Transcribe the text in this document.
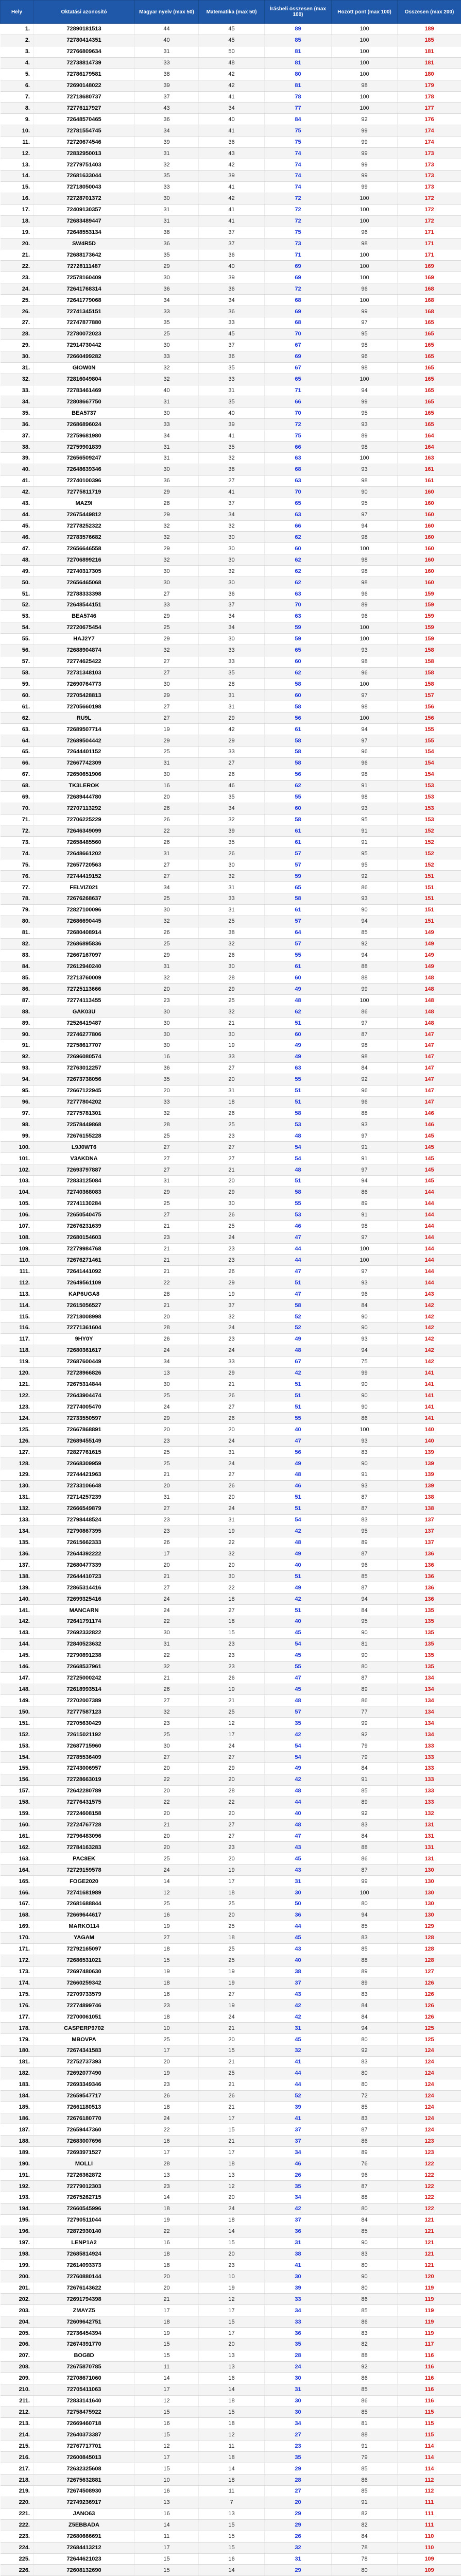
Hely	Oktatási azonosító	Magyar nyelv (max 50)	Matematika (max 50)	Írásbeli összesen (max 100)	Hozott pont (max 100)	Összesen (max 200)
1.	72890181513	44	45	89	100	189
2.	72780414351	40	45	85	100	185
3.	72766809634	31	50	81	100	181
4.	72738814739	33	48	81	100	181
5.	72786179581	38	42	80	100	180
6.	72690148022	39	42	81	98	179
7.	72718680737	37	41	78	100	178
8.	72776117927	43	34	77	100	177
9.	72648570465	36	40	84	92	176
10.	72781554745	34	41	75	99	174
11.	72720674546	39	36	75	99	174
12.	72832950013	31	43	74	99	173
13.	72779751403	32	42	74	99	173
14.	72681633044	35	39	74	99	173
15.	72718050043	33	41	74	99	173
16.	72728701372	30	42	72	100	172
17.	72409130357	31	41	72	100	172
18.	72683489447	31	41	72	100	172
19.	72648553134	38	37	75	96	171
20.	SW4R5D	36	37	73	98	171
21.	72688173642	35	36	71	100	171
22.	72728111487	29	40	69	100	169
23.	72578160409	30	39	69	100	169
24.	72641768314	36	36	72	96	168
25.	72641779068	34	34	68	100	168
26.	72741345151	33	36	69	99	168
27.	72747877880	35	33	68	97	165
28.	72780072023	25	45	70	95	165
29.	72914730442	30	37	67	98	165
30.	72660499282	33	36	69	96	165
31.	GIOW0N	32	35	67	98	165
32.	72816049804	32	33	65	100	165
33.	72783461469	40	31	71	94	165
34.	72808667750	31	35	66	99	165
35.	BEA5737	30	40	70	95	165
36.	72686896024	33	39	72	93	165
37.	72759681980	34	41	75	89	164
38.	72759901839	31	35	66	98	164
39.	72656509247	31	32	63	100	163
40.	72648639346	30	38	68	93	161
41.	72740100396	36	27	63	98	161
42.	72775811719	29	41	70	90	160
43.	MAZ9I	28	37	65	95	160
44.	72675449812	29	34	63	97	160
45.	72778252322	32	32	66	94	160
46.	72783576682	32	30	62	98	160
47.	72656646558	29	30	60	100	160
48.	72706899216	32	30	62	98	160
49.	72740317305	30	32	62	98	160
50.	72656465068	30	30	62	98	160
51.	72788333398	27	36	63	96	159
52.	72648544151	33	37	70	89	159
53.	BEA5746	29	34	63	96	159
54.	72720675454	25	34	59	100	159
55.	HAJ2Y7	29	30	59	100	159
56.	72688904874	32	33	65	93	158
57.	72774625422	27	33	60	98	158
58.	72731348103	27	35	62	96	158
59.	72690764773	30	28	58	100	158
60.	72705428813	29	31	60	97	157
61.	72705660198	27	31	58	98	156
62.	RU9L	27	29	56	100	156
63.	72689507714	19	42	61	94	155
64.	72689504442	29	29	58	97	155
65.	72644401152	25	33	58	96	154
66.	72667742309	31	27	58	96	154
67.	72650651906	30	26	56	98	154
68.	TK3LEROK	16	46	62	91	153
69.	72689444780	20	35	55	98	153
70.	72707113292	26	34	60	93	153
71.	72706225229	26	32	58	95	153
72.	72646349099	22	39	61	91	152
73.	72658485560	26	35	61	91	152
74.	72648661202	31	26	57	95	152
75.	72657720563	27	30	57	95	152
76.	72744419152	27	32	59	92	151
77.	FELVIZ021	34	31	65	86	151
78.	72676268637	25	33	58	93	151
79.	72827100096	30	31	61	90	151
80.	72686690445	32	25	57	94	151
81.	72680408914	26	38	64	85	149
82.	72686895836	25	32	57	92	149
83.	72667167097	29	26	55	94	149
84.	72612940240	31	30	61	88	149
85.	72713760009	32	28	60	88	148
86.	72725113666	20	29	49	99	148
87.	72774113455	23	25	48	100	148
88.	GAK03U	30	32	62	86	148
89.	72526419487	30	21	51	97	148
90.	72746277806	30	30	60	87	147
91.	72758617707	30	19	49	98	147
92.	72696080574	16	33	49	98	147
93.	72763012257	36	27	63	84	147
94.	72673738056	35	20	55	92	147
95.	72667122945	20	31	51	96	147
96.	72777804202	33	18	51	96	147
97.	72775781301	32	26	58	88	146
98.	72578449868	28	25	53	93	146
99.	72676155228	25	23	48	97	145
100.	L9J0WT6	27	27	54	91	145
101.	V3AKDNA	27	27	54	91	145
102.	72693797887	27	21	48	97	145
103.	72833125084	31	20	51	94	145
104.	72740368083	29	29	58	86	144
105.	72741130284	25	30	55	89	144
106.	72650540475	27	26	53	91	144
107.	72676231639	21	25	46	98	144
108.	72680154603	23	24	47	97	144
109.	72779984768	21	23	44	100	144
110.	72676271461	21	23	44	100	144
111.	72641441092	21	26	47	97	144
112.	72649561109	22	29	51	93	144
113.	KAP6UGA8	28	19	47	96	143
114.	72615056527	21	37	58	84	142
115.	72718008998	20	32	52	90	142
116.	72771361604	28	24	52	90	142
117.	9HY0Y	26	23	49	93	142
118.	72680361617	24	24	48	94	142
119.	72687600449	34	33	67	75	142
120.	72728966826	13	29	42	99	141
121.	72675314844	30	21	51	90	141
122.	72643904474	25	26	51	90	141
123.	72774005470	24	27	51	90	141
124.	72733550597	29	26	55	86	141
125.	72667868891	20	20	40	100	140
126.	72689455149	23	24	47	93	140
127.	72827761615	25	31	56	83	139
128.	72668309959	25	24	49	90	139
129.	72744421963	21	27	48	91	139
130.	72733106648	20	26	46	93	139
131.	72714257239	31	20	51	87	138
132.	72666549879	27	24	51	87	138
133.	72798448524	23	31	54	83	137
134.	72790867395	23	19	42	95	137
135.	72615662333	26	22	48	89	137
136.	72644392222	17	32	49	87	136
137.	72680477339	20	20	40	96	136
138.	72644410723	21	30	51	85	136
139.	72865314416	27	22	49	87	136
140.	72699325416	24	18	42	94	136
141.	MANCARN	24	27	51	84	135
142.	72641791174	22	18	40	95	135
143.	72692332822	30	15	45	90	135
144.	72840523632	31	23	54	81	135
145.	72790891238	22	23	45	90	135
146.	72668537961	32	23	55	80	135
147.	72725000242	21	26	47	87	134
148.	72618993514	26	19	45	89	134
149.	72702007389	27	21	48	86	134
150.	72777587123	32	25	57	77	134
151.	72705630429	23	12	35	99	134
152.	72615021192	25	17	42	92	134
153.	72687715960	30	24	54	79	133
154.	72785536409	27	27	54	79	133
155.	72743006957	20	29	49	84	133
156.	72728663019	22	20	42	91	133
157.	72642280789	20	28	48	85	133
158.	72776431575	22	22	44	89	133
159.	72724608158	20	20	40	92	132
160.	72724767728	21	27	48	83	131
161.	72796483096	20	27	47	84	131
162.	72784163283	20	23	43	88	131
163.	PAC8EK	25	20	45	86	131
164.	72729159578	24	19	43	87	130
165.	FOGE2020	14	17	31	99	130
166.	72741681989	12	18	30	100	130
167.	72681688844	25	25	50	80	130
168.	72669644617	16	20	36	94	130
169.	MARKO114	19	25	44	85	129
170.	YAGAM	27	18	45	83	128
171.	72792165097	18	25	43	85	128
172.	72686531021	15	25	40	88	128
173.	72697480630	19	19	38	89	127
174.	72660259342	18	19	37	89	126
175.	72709733579	16	27	43	83	126
176.	72774899746	23	19	42	84	126
177.	72700061051	18	24	42	84	126
178.	CASPERP9702	10	21	31	94	125
179.	MBOVPA	25	20	45	80	125
180.	72674341583	17	15	32	92	124
181.	72752737393	20	21	41	83	124
182.	72692077490	19	25	44	80	124
183.	72693349346	23	21	44	80	124
184.	72659547717	26	26	52	72	124
185.	72661180513	18	21	39	85	124
186.	72676180770	24	17	41	83	124
187.	72659447360	22	15	37	87	124
188.	72683007696	16	21	37	86	123
189.	72693971527	17	17	34	89	123
190.	MOLLI	28	18	46	76	122
191.	72726362872	13	13	26	96	122
192.	72779012303	23	12	35	87	122
193.	72675262715	14	20	34	88	122
194.	72660545996	18	24	42	80	122
195.	72790511044	19	18	37	84	121
196.	72872930140	22	14	36	85	121
197.	LENP1A2	16	15	31	90	121
198.	72685814924	18	20	38	83	121
199.	72614093373	18	23	41	80	121
200.	72760880144	20	10	30	90	120
201.	72676143622	20	19	39	80	119
202.	72691794398	21	12	33	86	119
203.	ZMAYZ5	17	17	34	85	119
204.	72609642751	18	15	33	86	119
205.	72736454394	19	17	36	83	119
206.	72674391770	15	20	35	82	117
207.	BOG8D	15	13	28	88	116
208.	72675870785	11	13	24	92	116
209.	72708671060	14	16	30	86	116
210.	72705411063	17	14	31	85	116
211.	72833141640	12	18	30	86	116
212.	72758475922	15	15	30	85	115
213.	72669460718	16	18	34	81	115
214.	72640373387	15	12	27	88	115
215.	72767717701	12	11	23	91	114
216.	72600845013	17	18	35	79	114
217.	72632325608	15	14	29	85	114
218.	72675632881	10	18	28	86	112
219.	72674508930	16	11	27	85	112
220.	72749236917	13	7	20	91	111
221.	JANO63	16	13	29	82	111
222.	Z5EBBADA	14	15	29	82	111
223.	72680666691	11	15	26	84	110
224.	72684413212	17	15	32	78	110
225.	72644621023	15	16	31	78	109
226.	72608132690	15	14	29	80	109
